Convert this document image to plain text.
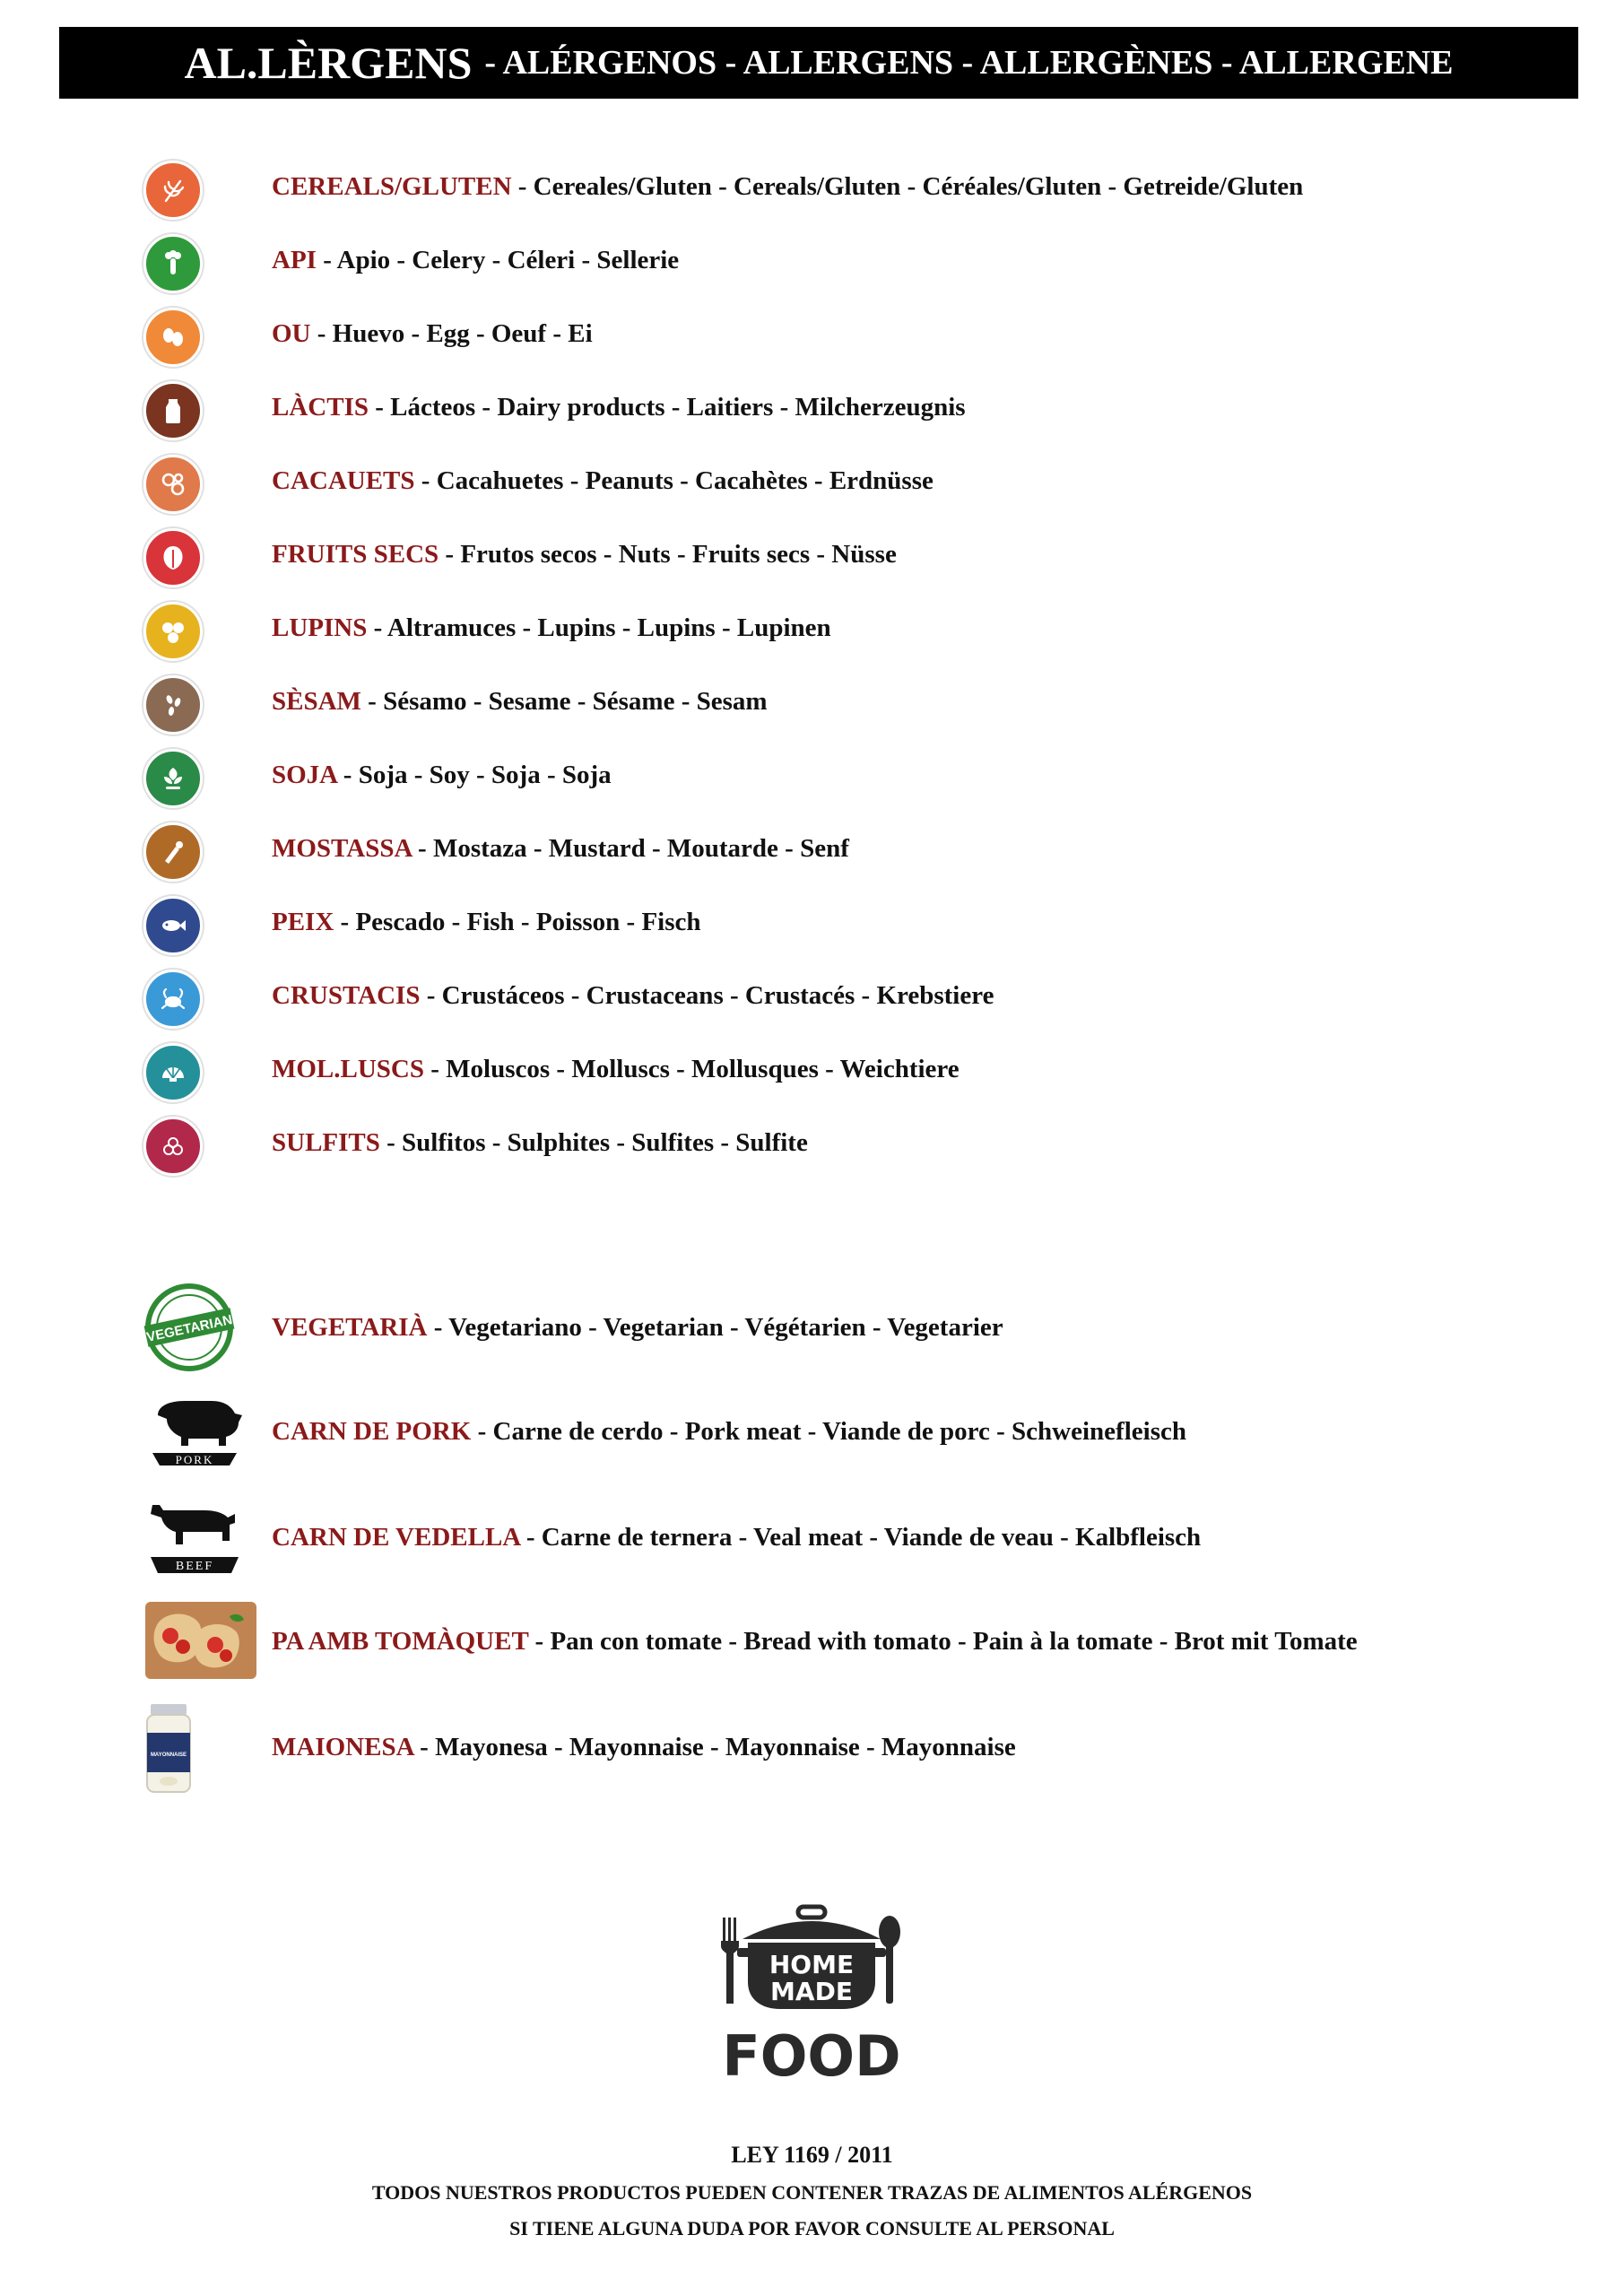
AL.LÈRGENS - ALÉRGENOS - ALLERGENS - ALLERGÈNES - ALLERGENE
CEREALS/GLUTEN - Cereales/Gluten - Cereals/Gluten - Céréales/Gluten - Getreide/Gluten
API - Apio - Celery - Céleri - Sellerie
OU - Huevo - Egg - Oeuf - Ei
LÀCTIS - Lácteos - Dairy products - Laitiers - Milcherzeugnis
CACAUETS - Cacahuetes - Peanuts - Cacahètes - Erdnüsse
FRUITS SECS - Frutos secos - Nuts - Fruits secs - Nüsse
LUPINS - Altramuces - Lupins - Lupins - Lupinen
SÈSAM - Sésamo - Sesame - Sésame - Sesam
SOJA - Soja - Soy - Soja - Soja
MOSTASSA - Mostaza - Mustard - Moutarde - Senf
PEIX - Pescado - Fish - Poisson - Fisch
CRUSTACIS - Crustáceos - Crustaceans - Crustacés - Krebstiere
MOL.LUSCS - Moluscos - Molluscs - Mollusques - Weichtiere
SULFITS - Sulfitos - Sulphites - Sulfites - Sulfite
VEGETARIAN VEGETARIÀ - Vegetariano - Vegetarian - Végétarien - Vegetarier
PORK
CARN DE PORK - Carne de cerdo - Pork meat - Viande de porc - Schweinefleisch
BEEF
CARN DE VEDELLA - Carne de ternera - Veal meat - Viande de veau - Kalbfleisch
PA AMB TOMÀQUET - Pan con tomate - Bread with tomato - Pain à la tomate - Brot mit Tomate
MAYONNAISE	MAIONESA - Mayonesa - Mayonnaise - Mayonnaise - Mayonnaise
HOME
MADE
FOOD
LEY 1169 / 2011
TODOS NUESTROS PRODUCTOS PUEDEN CONTENER TRAZAS DE ALIMENTOS ALÉRGENOS
SI TIENE ALGUNA DUDA POR FAVOR CONSULTE AL PERSONAL
